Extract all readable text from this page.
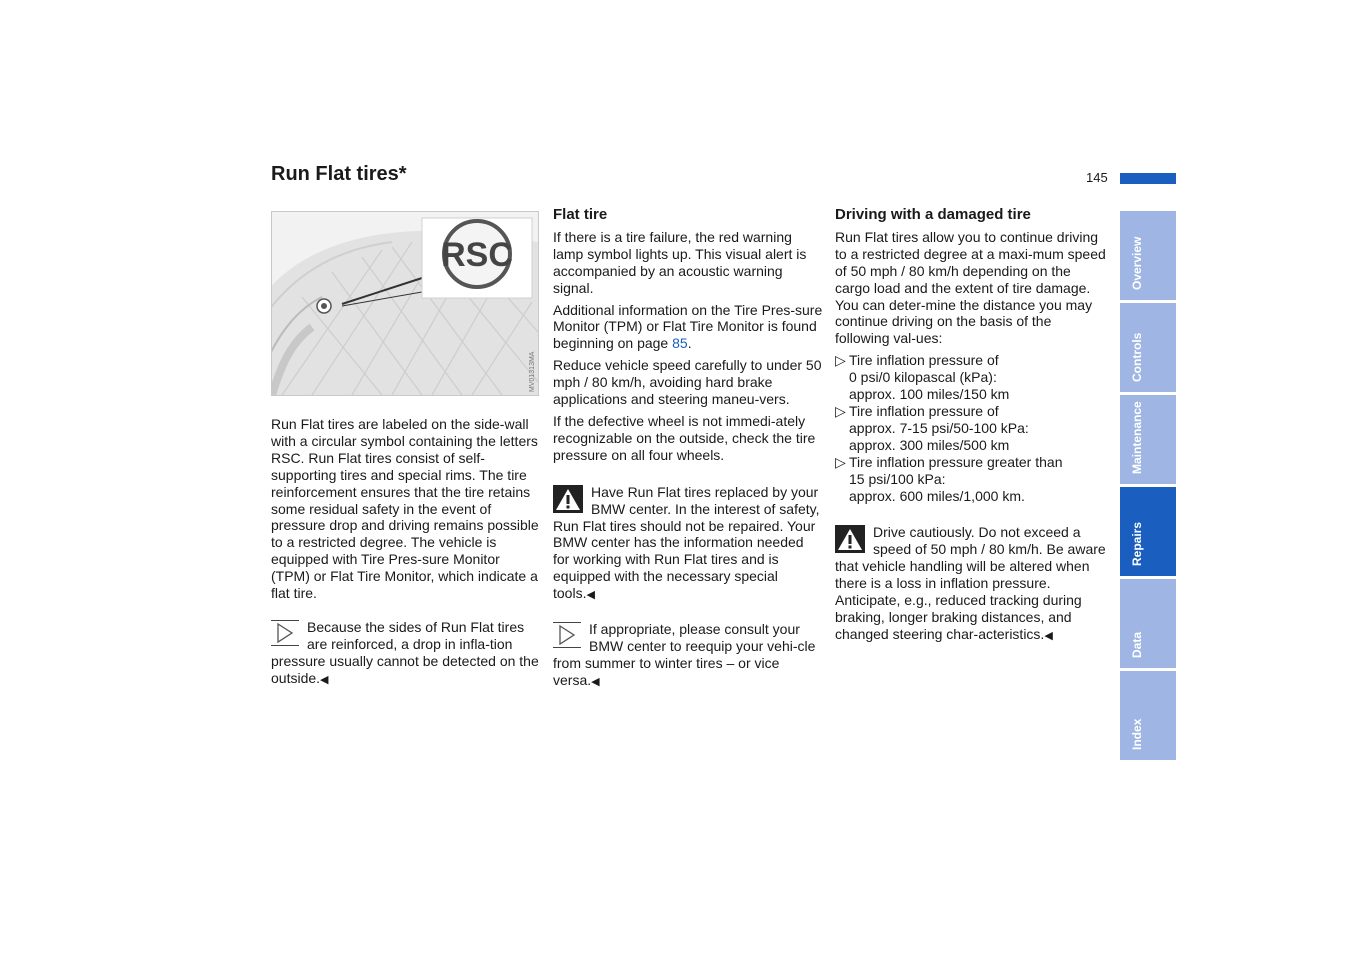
Run Flat tires*	145
RSC
MV01313MA

Run Flat tires are labeled on the side-wall with a circular symbol containing the letters RSC. Run Flat tires consist of self-supporting tires and special rims. The tire reinforcement ensures that the tire retains some residual safety in the event of pressure drop and driving remains possible to a restricted degree. The vehicle is equipped with Tire Pres-sure Monitor (TPM) or Flat Tire Monitor, which indicate a flat tire.

Because the sides of Run Flat tires are reinforced, a drop in infla-tion pressure usually cannot be detected on the outside.◀
Flat tire

If there is a tire failure, the red warning lamp symbol lights up. This visual alert is accompanied by an acoustic warning signal.

Additional information on the Tire Pres-sure Monitor (TPM) or Flat Tire Monitor is found beginning on page 85.

Reduce vehicle speed carefully to under 50 mph / 80 km/h, avoiding hard brake applications and steering maneu-vers.

If the defective wheel is not immedi-ately recognizable on the outside, check the tire pressure on all four wheels.

Have Run Flat tires replaced by your BMW center. In the interest of safety, Run Flat tires should not be repaired. Your BMW center has the information needed for working with Run Flat tires and is equipped with the necessary special tools.◀
If appropriate, please consult your BMW center to reequip your vehi-cle from summer to winter tires – or vice versa.◀
Driving with a damaged tire

Run Flat tires allow you to continue driving to a restricted degree at a maxi-mum speed of 50 mph / 80 km/h depending on the cargo load and the extent of tire damage. You can deter-mine the distance you may continue driving on the basis of the following val-ues:

▷ Tire inflation pressure of
0 psi/0 kilopascal (kPa):
approx. 100 miles/150 km
▷ Tire inflation pressure of
approx. 7-15 psi/50-100 kPa:
approx. 300 miles/500 km
▷ Tire inflation pressure greater than
15 psi/100 kPa:
approx. 600 miles/1,000 km.
Drive cautiously. Do not exceed a speed of 50 mph / 80 km/h. Be aware that vehicle handling will be altered when there is a loss in inflation pressure. Anticipate, e.g., reduced tracking during braking, longer braking distances, and changed steering char-acteristics.◀
Overview
Controls
Maintenance
Repairs
Data
Index
